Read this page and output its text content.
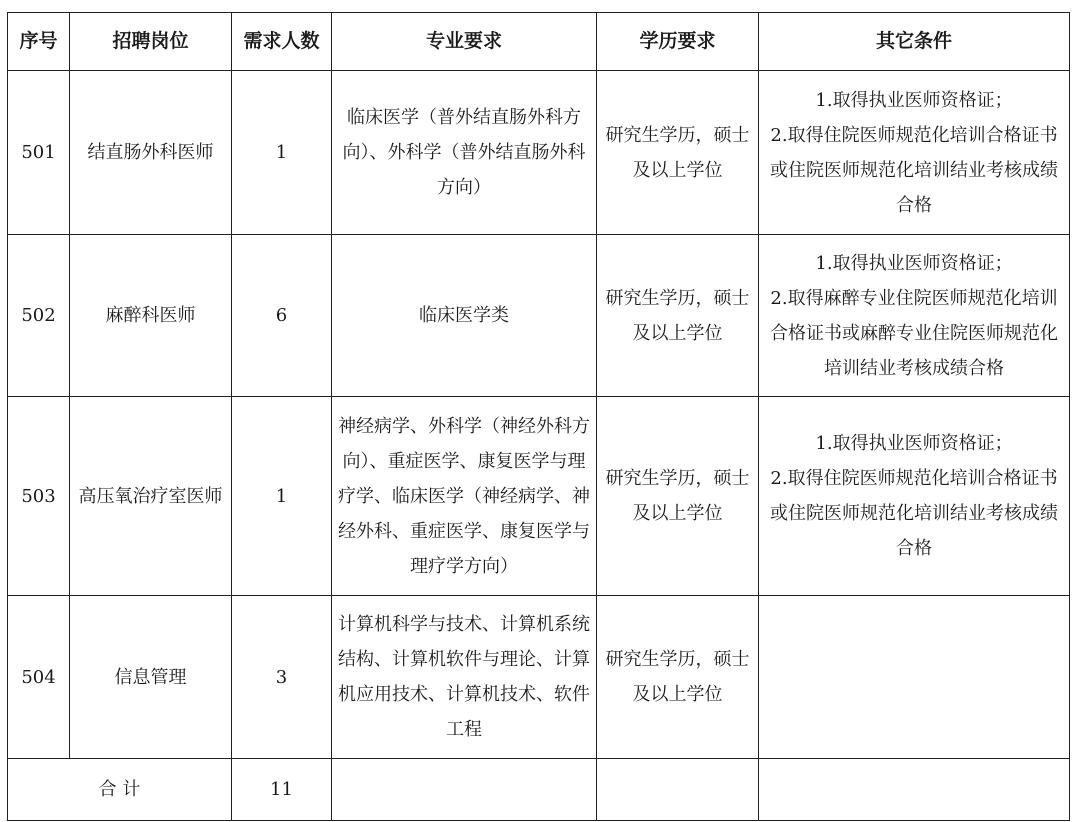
序号	招聘岗位	需求人数	专业要求	学历要求	其它条件
501	结直肠外科医师	1	临床医学（普外结直肠外科方向）、外科学（普外结直肠外科方向）	研究生学历，硕士及以上学位	1.取得执业医师资格证；
2.取得住院医师规范化培训合格证书或住院医师规范化培训结业考核成绩合格
502	麻醉科医师	6	临床医学类	研究生学历，硕士及以上学位	1.取得执业医师资格证；
2.取得麻醉专业住院医师规范化培训合格证书或麻醉专业住院医师规范化培训结业考核成绩合格
503	高压氧治疗室医师	1	神经病学、外科学（神经外科方向）、重症医学、康复医学与理疗学、临床医学（神经病学、神经外科、重症医学、康复医学与理疗学方向）	研究生学历，硕士及以上学位	1.取得执业医师资格证；
2.取得住院医师规范化培训合格证书或住院医师规范化培训结业考核成绩合格
504	信息管理	3	计算机科学与技术、计算机系统结构、计算机软件与理论、计算机应用技术、计算机技术、软件工程	研究生学历，硕士及以上学位	
合 计		11			
